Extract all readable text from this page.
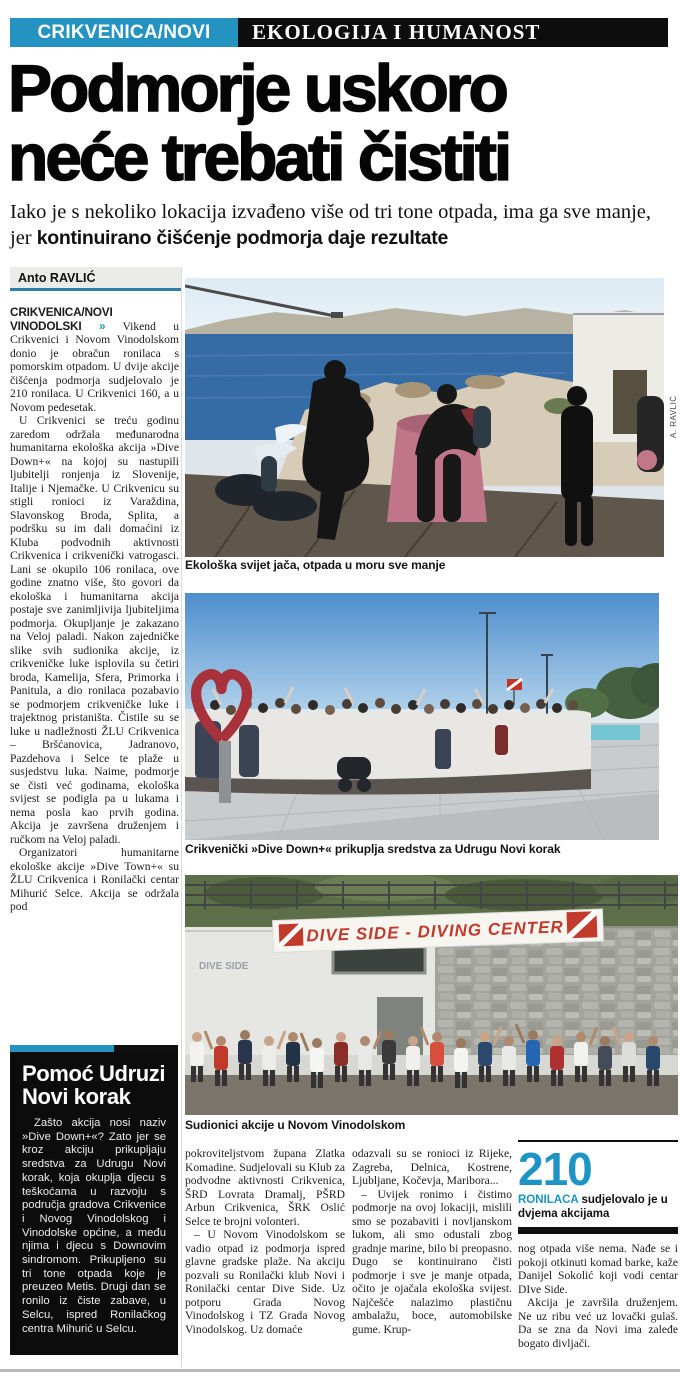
CRIKVENICA/NOVI	EKOLOGIJA I HUMANOST
Podmorje uskoro
neće trebati čistiti
Iako je s nekoliko lokacija izvađeno više od tri tone otpada, ima ga sve manje, jer kontinuirano čišćenje podmorja daje rezultate
Anto RAVLIĆ

CRIKVENICA/NOVI VINODOLSKI » Vikend u Crikvenici i Novom Vinodolskom donio je obračun ronilaca s pomorskim otpadom. U dvije akcije čišćenja podmorja sudjelovalo je 210 ronilaca. U Crikvenici 160, a u Novom pedesetak.

U Crikvenici se treću godinu zaredom održala međunarodna humanitarna ekološka akcija »Dive Down+« na kojoj su nastupili ljubitelji ronjenja iz Slovenije, Italije i Njemačke. U Crikvenicu su stigli ronioci iz Varaždina, Slavonskog Broda, Splita, a podršku su im dali domaćini iz Kluba podvodnih aktivnosti Crikvenica i crikvenički vatrogasci. Lani se okupilo 106 ronilaca, ove godine znatno više, što govori da ekološka i humanitarna akcija postaje sve zanimljivija ljubiteljima podmorja. Okupljanje je zakazano na Veloj paladi. Nakon zajedničke slike svih sudionika akcije, iz crikveničke luke isplovila su četiri broda, Kamelija, Sfera, Primorka i Panitula, a dio ronilaca pozabavio se podmorjem crikveničke luke i trajektnog pristaništa. Čistile su se luke u nadležnosti ŽLU Crikvenica – Bršćanovica, Jadranovo, Pazdehova i Selce te plaže u susjedstvu luka. Naime, podmorje se čisti već godinama, ekološka svijest se podigla pa u lukama i nema posla kao prvih godina. Akcija je završena druženjem i ručkom na Veloj paladi.

Organizatori humanitarne ekološke akcije »Dive Town+« su ŽLU Crikvenica i Ronilački centar Mihurić Selce. Akcija se održala pod

A. RAVLIĆ
Ekološka svijet jača, otpada u moru sve manje
Crikvenički »Dive Down+« prikuplja sredstva za Udrugu Novi korak
DIVE SIDE
DIVE SIDE - DIVING CENTER
Sudionici akcije u Novom Vinodolskom
Pomoć Udruzi Novi korak
Zašto akcija nosi naziv »Dive Down+«? Zato jer se kroz akciju prikupljaju sredstva za Udrugu Novi korak, koja okuplja djecu s teškoćama u razvoju s područja gradova Crikvenice i Novog Vinodolskog i Vinodolske općine, a među njima i djecu s Downovim sindromom. Prikupljeno su tri tone otpada koje je preuzeo Metis. Drugi dan se ronilo iz čiste zabave, u Selcu, ispred Ronilačkog centra Mihurić u Selcu.

pokroviteljstvom župana Zlatka Komadine. Sudjelovali su Klub za podvodne aktivnosti Crikvenica, ŠRD Lovrata Dramalj, PŠRD Arbun Crikvenica, ŠRK Oslić Selce te brojni volonteri.

– U Novom Vinodolskom se vadio otpad iz podmorja ispred glavne gradske plaže. Na akciju pozvali su Ronilački klub Novi i Ronilački centar Dive Side. Uz potporu Grada Novog Vinodolskog i TZ Grada Novog Vinodolskog. Uz domaće

odazvali su se ronioci iz Rijeke, Zagreba, Delnica, Kostrene, Ljubljane, Kočevja, Maribora...

– Uvijek ronimo i čistimo podmorje na ovoj lokaciji, mislili smo se pozabaviti i novljanskom lukom, ali smo odustali zbog gradnje marine, bilo bi preopasno. Dugo se kontinuirano čisti podmorje i sve je manje otpada, očito je ojačala ekološka svijest. Najčešće nalazimo plastičnu ambalažu, boce, automobilske gume. Krup-

210
RONILACA sudjelovalo je u dvjema akcijama

nog otpada više nema. Nađe se i pokoji otkinuti komad barke, kaže Danijel Sokolić koji vodi centar DIve Side.

Akcija je završila druženjem. Ne uz ribu već uz lovački gulaš. Da se zna da Novi ima zaleđe bogato divljači.
